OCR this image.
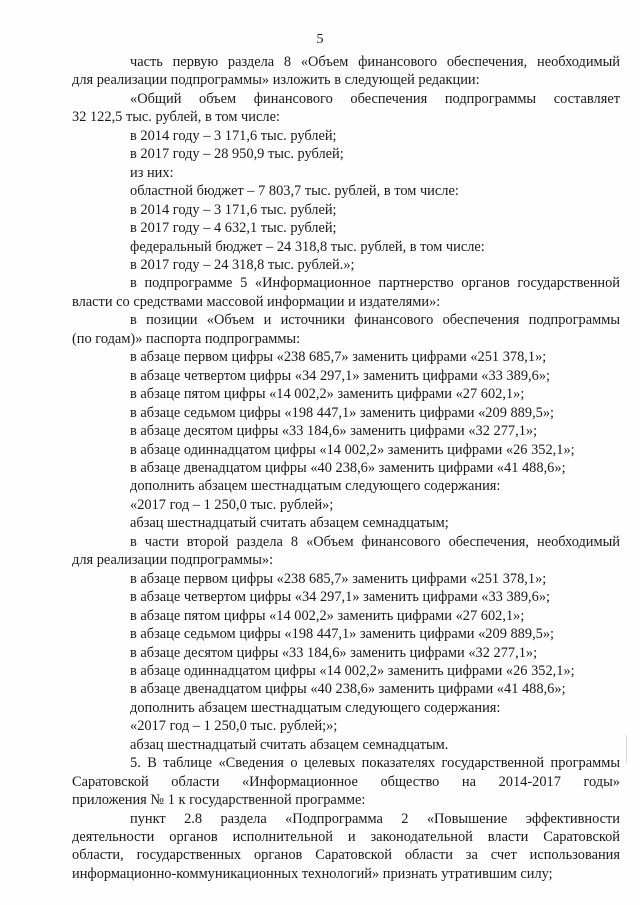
5
часть первую раздела 8 «Объем финансового обеспечения, необходимый
для реализации подпрограммы» изложить в следующей редакции:
«Общий объем финансового обеспечения подпрограммы составляет
32 122,5 тыс. рублей, в том числе:
в 2014 году – 3 171,6 тыс. рублей;
в 2017 году – 28 950,9 тыс. рублей;
из них:
областной бюджет – 7 803,7 тыс. рублей, в том числе:
в 2014 году – 3 171,6 тыс. рублей;
в 2017 году – 4 632,1 тыс. рублей;
федеральный бюджет – 24 318,8 тыс. рублей, в том числе:
в 2017 году – 24 318,8 тыс. рублей.»;
в подпрограмме 5 «Информационное партнерство органов государственной
власти со средствами массовой информации и издателями»:
в позиции «Объем и источники финансового обеспечения подпрограммы
(по годам)» паспорта подпрограммы:
в абзаце первом цифры «238 685,7» заменить цифрами «251 378,1»;
в абзаце четвертом цифры «34 297,1» заменить цифрами «33 389,6»;
в абзаце пятом цифры «14 002,2» заменить цифрами «27 602,1»;
в абзаце седьмом цифры «198 447,1» заменить цифрами «209 889,5»;
в абзаце десятом цифры «33 184,6» заменить цифрами «32 277,1»;
в абзаце одиннадцатом цифры «14 002,2» заменить цифрами «26 352,1»;
в абзаце двенадцатом цифры «40 238,6» заменить цифрами «41 488,6»;
дополнить абзацем шестнадцатым следующего содержания:
«2017 год – 1 250,0 тыс. рублей»;
абзац шестнадцатый считать абзацем семнадцатым;
в части второй раздела 8 «Объем финансового обеспечения, необходимый
для реализации подпрограммы»:
в абзаце первом цифры «238 685,7» заменить цифрами «251 378,1»;
в абзаце четвертом цифры «34 297,1» заменить цифрами «33 389,6»;
в абзаце пятом цифры «14 002,2» заменить цифрами «27 602,1»;
в абзаце седьмом цифры «198 447,1» заменить цифрами «209 889,5»;
в абзаце десятом цифры «33 184,6» заменить цифрами «32 277,1»;
в абзаце одиннадцатом цифры «14 002,2» заменить цифрами «26 352,1»;
в абзаце двенадцатом цифры «40 238,6» заменить цифрами «41 488,6»;
дополнить абзацем шестнадцатым следующего содержания:
«2017 год – 1 250,0 тыс. рублей;»;
абзац шестнадцатый считать абзацем семнадцатым.
5. В таблице «Сведения о целевых показателях государственной программы
Саратовской области «Информационное общество на 2014-2017 годы»
приложения № 1 к государственной программе:
пункт 2.8 раздела «Подпрограмма 2 «Повышение эффективности
деятельности органов исполнительной и законодательной власти Саратовской
области, государственных органов Саратовской области за счет использования
информационно-коммуникационных технологий» признать утратившим силу;
